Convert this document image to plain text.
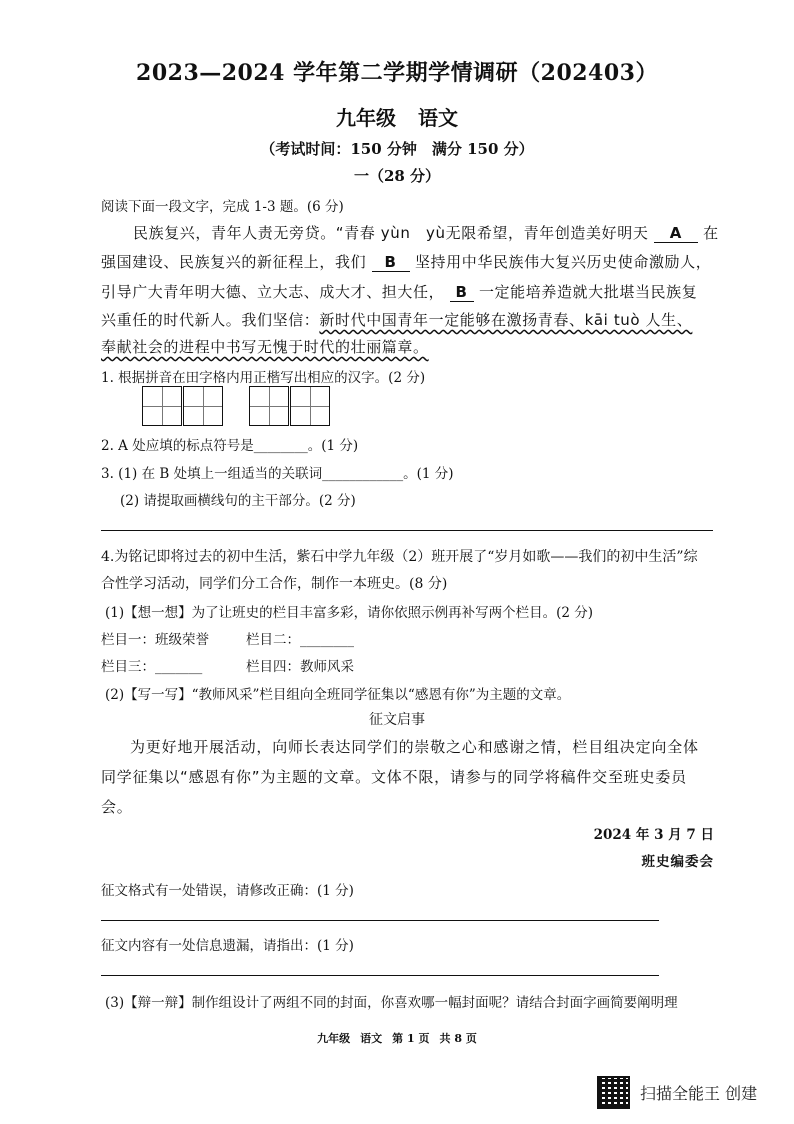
2023—2024 学年第二学期学情调研（202403）
九年级 语文
（考试时间：150 分钟　满分 150 分）
一（28 分）
阅读下面一段文字，完成 1-3 题。(6 分)
民族复兴，青年人责无旁贷。“青春 yùn　yù无限希望，青年创造美好明天 A 在
强国建设、民族复兴的新征程上，我们 B 坚持用中华民族伟大复兴历史使命激励人，
引导广大青年明大德、立大志、成大才、担大任， B 一定能培养造就大批堪当民族复
兴重任的时代新人。我们坚信：新时代中国青年一定能够在激扬青春、kāi tuò 人生、
奉献社会的进程中书写无愧于时代的壮丽篇章。
1. 根据拼音在田字格内用正楷写出相应的汉字。(2 分)
2. A 处应填的标点符号是________。(1 分)
3. (1) 在 B 处填上一组适当的关联词____________。(1 分)
(2) 请提取画横线句的主干部分。(2 分)
4.为铭记即将过去的初中生活，紫石中学九年级（2）班开展了“岁月如歌——我们的初中生活”综
合性学习活动，同学们分工合作，制作一本班史。(8 分)
(1)【想一想】为了让班史的栏目丰富多彩，请你依照示例再补写两个栏目。(2 分)
栏目一：班级荣誉	栏目二：________
栏目三：_______	栏目四：教师风采
(2)【写一写】“教师风采”栏目组向全班同学征集以“感恩有你”为主题的文章。
征文启事
为更好地开展活动，向师长表达同学们的崇敬之心和感谢之情，栏目组决定向全体
同学征集以“感恩有你”为主题的文章。文体不限，请参与的同学将稿件交至班史委员
会。
2024 年 3 月 7 日
班史编委会
征文格式有一处错误，请修改正确：(1 分)
征文内容有一处信息遗漏，请指出：(1 分)
(3)【辩一辩】制作组设计了两组不同的封面，你喜欢哪一幅封面呢？请结合封面字画简要阐明理
九年级 语文 第 1 页 共 8 页
扫描全能王 创建
